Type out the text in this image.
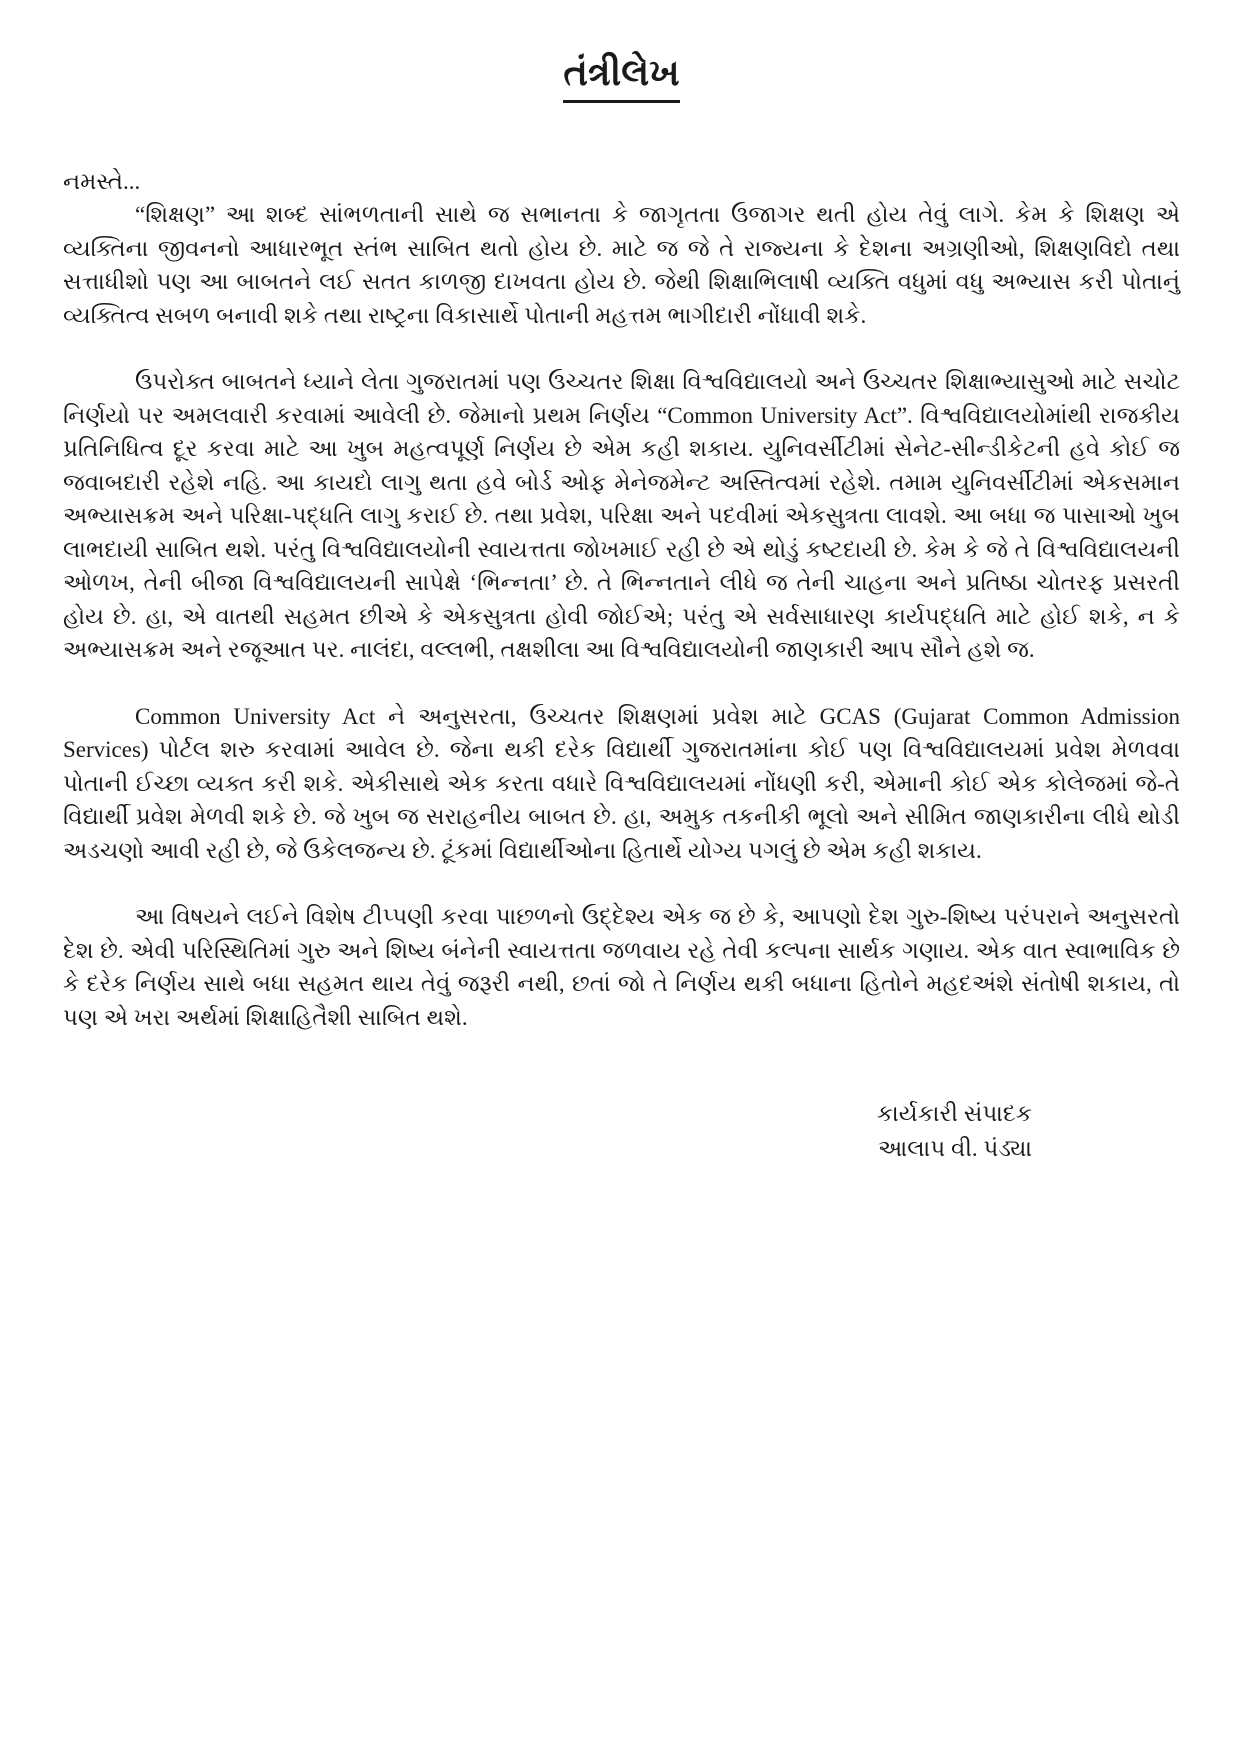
તંત્રીલેખ

નમસ્તે...

“શિક્ષણ” આ શબ્દ સાંભળતાની સાથે જ સભાનતા કે જાગૃતતા ઉજાગર થતી હોય તેવું લાગે. કેમ કે શિક્ષણ એ વ્યક્તિના જીવનનો આધારભૂત સ્તંભ સાબિત થતો હોય છે. માટે જ જે તે રાજ્યના કે દેશના અગ્રણીઓ, શિક્ષણવિદો તથા સત્તાધીશો પણ આ બાબતને લઈ સતત કાળજી દાખવતા હોય છે. જેથી શિક્ષાભિલાષી વ્યક્તિ વધુમાં વધુ અભ્યાસ કરી પોતાનું વ્યક્તિત્વ સબળ બનાવી શકે તથા રાષ્ટ્રના વિકાસાર્થે પોતાની મહત્તમ ભાગીદારી નોંધાવી શકે.

ઉપરોક્ત બાબતને ધ્યાને લેતા ગુજરાતમાં પણ ઉચ્ચતર શિક્ષા વિશ્વવિદ્યાલયો અને ઉચ્ચતર શિક્ષાભ્યાસુઓ માટે સચોટ નિર્ણયો પર અમલવારી કરવામાં આવેલી છે. જેમાનો પ્રથમ નિર્ણય “Common University Act”. વિશ્વવિદ્યાલયોમાંથી રાજકીય પ્રતિનિધિત્વ દૂર કરવા માટે આ ખુબ મહત્વપૂર્ણ નિર્ણય છે એમ કહી શકાય. યુનિવર્સીટીમાં સેનેટ-સીન્ડીકેટની હવે કોઈ જ જવાબદારી રહેશે નહિ. આ કાયદો લાગુ થતા હવે બોર્ડ ઓફ મેનેજમેન્ટ અસ્તિત્વમાં રહેશે. તમામ યુનિવર્સીટીમાં એકસમાન અભ્યાસક્રમ અને પરિક્ષા-પદ્ધતિ લાગુ કરાઈ છે. તથા પ્રવેશ, પરિક્ષા અને પદવીમાં એકસુત્રતા લાવશે. આ બધા જ પાસાઓ ખુબ લાભદાયી સાબિત થશે. પરંતુ વિશ્વવિદ્યાલયોની સ્વાયત્તતા જોખમાઈ રહી છે એ થોડું કષ્ટદાયી છે. કેમ કે જે તે વિશ્વવિદ્યાલયની ઓળખ, તેની બીજા વિશ્વવિદ્યાલયની સાપેક્ષે ‘ભિન્નતા’ છે. તે ભિન્નતાને લીધે જ તેની ચાહના અને પ્રતિષ્ઠા ચોતરફ પ્રસરતી હોય છે. હા, એ વાતથી સહમત છીએ કે એકસુત્રતા હોવી જોઈએ; પરંતુ એ સર્વસાધારણ કાર્યપદ્ધતિ માટે હોઈ શકે, ન કે અભ્યાસક્રમ અને રજૂઆત પર. નાલંદા, વલ્લભી, તક્ષશીલા આ વિશ્વવિદ્યાલયોની જાણકારી આપ સૌને હશે જ.

Common University Act ને અનુસરતા, ઉચ્ચતર શિક્ષણમાં પ્રવેશ માટે GCAS (Gujarat Common Admission Services) પોર્ટલ શરુ કરવામાં આવેલ છે. જેના થકી દરેક વિદ્યાર્થી ગુજરાતમાંના કોઈ પણ વિશ્વવિદ્યાલયમાં પ્રવેશ મેળવવા પોતાની ઈચ્છા વ્યક્ત કરી શકે. એકીસાથે એક કરતા વધારે વિશ્વવિદ્યાલયમાં નોંધણી કરી, એમાની કોઈ એક કોલેજમાં જે-તે વિદ્યાર્થી પ્રવેશ મેળવી શકે છે. જે ખુબ જ સરાહનીય બાબત છે. હા, અમુક તકનીકી ભૂલો અને સીમિત જાણકારીના લીધે થોડી અડચણો આવી રહી છે, જે ઉકેલજન્ય છે. ટૂંકમાં વિદ્યાર્થીઓના હિતાર્થે યોગ્ય પગલું છે એમ કહી શકાય.

આ વિષયને લઈને વિશેષ ટીપ્પણી કરવા પાછળનો ઉદ્દેશ્ય એક જ છે કે, આપણો દેશ ગુરુ-શિષ્ય પરંપરાને અનુસરતો દેશ છે. એવી પરિસ્થિતિમાં ગુરુ અને શિષ્ય બંનેની સ્વાયત્તતા જળવાય રહે તેવી કલ્પના સાર્થક ગણાય. એક વાત સ્વાભાવિક છે કે દરેક નિર્ણય સાથે બધા સહમત થાય તેવું જરૂરી નથી, છતાં જો તે નિર્ણય થકી બધાના હિતોને મહદઅંશે સંતોષી શકાય, તો પણ એ ખરા અર્થમાં શિક્ષાહિતૈશી સાબિત થશે.

કાર્યકારી સંપાદક
આલાપ વી. પંડ્યા
